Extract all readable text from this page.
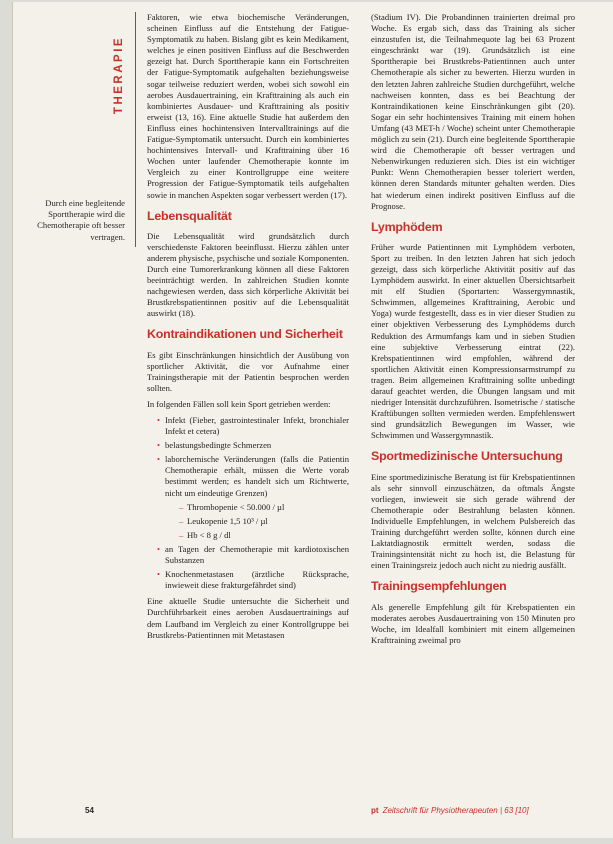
THERAPIE
Durch eine begleitende Sporttherapie wird die Chemotherapie oft besser vertragen.

Faktoren, wie etwa biochemische Veränderungen, scheinen Einfluss auf die Entstehung der Fatigue-Symptomatik zu haben. Bislang gibt es kein Medikament, welches je einen positiven Einfluss auf die Beschwerden gezeigt hat. Durch Sporttherapie kann ein Fortschreiten der Fatigue-Symptomatik aufgehalten beziehungsweise sogar teilweise reduziert werden, wobei sich sowohl ein aerobes Ausdauertraining, ein Krafttraining als auch ein kombiniertes Ausdauer- und Krafttraining als positiv erweist (13, 16). Eine aktuelle Studie hat außerdem den Einfluss eines hochintensiven Intervalltrainings auf die Fatigue-Symptomatik untersucht. Durch ein kombiniertes hochintensives Intervall- und Krafttraining über 16 Wochen unter laufender Chemotherapie konnte im Vergleich zu einer Kontrollgruppe eine weitere Progression der Fatigue-Symptomatik teils aufgehalten sowie in manchen Aspekten sogar verbessert werden (17).

Lebensqualität

Die Lebensqualität wird grundsätzlich durch verschiedenste Faktoren beeinflusst. Hierzu zählen unter anderem physische, psychische und soziale Komponenten. Durch eine Tumorerkrankung können all diese Faktoren beeinträchtigt werden. In zahlreichen Studien konnte nachgewiesen werden, dass sich körperliche Aktivität bei Brustkrebspatientinnen positiv auf die Lebensqualität auswirkt (18).

Kontraindikationen und Sicherheit

Es gibt Einschränkungen hinsichtlich der Ausübung von sportlicher Aktivität, die vor Aufnahme einer Trainingstherapie mit der Patientin besprochen werden sollten.

In folgenden Fällen soll kein Sport getrieben werden:

• Infekt (Fieber, gastrointestinaler Infekt, bronchialer Infekt et cetera)
• belastungsbedingte Schmerzen
• laborchemische Veränderungen (falls die Patientin Chemotherapie erhält, müssen die Werte vorab bestimmt werden; es handelt sich um Richtwerte, nicht um eindeutige Grenzen)
– Thrombopenie < 50.000 / µl
– Leukopenie 1,5 10³ / µl
– Hb < 8 g / dl
• an Tagen der Chemotherapie mit kardiotoxischen Substanzen
• Knochenmetastasen (ärztliche Rücksprache, inwieweit diese frakturgefährdet sind)

Eine aktuelle Studie untersuchte die Sicherheit und Durchführbarkeit eines aeroben Ausdauertrainings auf dem Laufband im Vergleich zu einer Kontrollgruppe bei Brustkrebs-Patientinnen mit Metastasen

(Stadium IV). Die Probandinnen trainierten dreimal pro Woche. Es ergab sich, dass das Training als sicher einzustufen ist, die Teilnahmequote lag bei 63 Prozent eingeschränkt war (19). Grundsätzlich ist eine Sporttherapie bei Brustkrebs-Patientinnen auch unter Chemotherapie als sicher zu bewerten. Hierzu wurden in den letzten Jahren zahlreiche Studien durchgeführt, welche nachweisen konnten, dass es bei Beachtung der Kontraindikationen keine Einschränkungen gibt (20). Sogar ein sehr hochintensives Training mit einem hohen Umfang (43 MET-h / Woche) scheint unter Chemotherapie möglich zu sein (21). Durch eine begleitende Sporttherapie wird die Chemotherapie oft besser vertragen und Nebenwirkungen reduzieren sich. Dies ist ein wichtiger Punkt: Wenn Chemotherapien besser toleriert werden, können deren Standards mitunter gehalten werden. Dies hat wiederum einen indirekt positiven Einfluss auf die Prognose.

Lymphödem

Früher wurde Patientinnen mit Lymphödem verboten, Sport zu treiben. In den letzten Jahren hat sich jedoch gezeigt, dass sich körperliche Aktivität positiv auf das Lymphödem auswirkt. In einer aktuellen Übersichtsarbeit mit elf Studien (Sportarten: Wassergymnastik, Schwimmen, allgemeines Krafttraining, Aerobic und Yoga) wurde festgestellt, dass es in vier dieser Studien zu einer objektiven Verbesserung des Lymphödems durch Reduktion des Armumfangs kam und in sieben Studien eine subjektive Verbesserung eintrat (22). Krebspatientinnen wird empfohlen, während der sportlichen Aktivität einen Kompressionsarmstrumpf zu tragen. Beim allgemeinen Krafttraining sollte unbedingt darauf geachtet werden, die Übungen langsam und mit niedriger Intensität durchzuführen. Isometrische / statische Kraftübungen sollten vermieden werden. Empfehlenswert sind grundsätzlich Bewegungen im Wasser, wie Schwimmen und Wassergymnastik.

Sportmedizinische Untersuchung

Eine sportmedizinische Beratung ist für Krebspatientinnen als sehr sinnvoll einzuschätzen, da oftmals Ängste vorliegen, inwieweit sie sich gerade während der Chemotherapie oder Bestrahlung belasten können. Individuelle Empfehlungen, in welchem Pulsbereich das Training durchgeführt werden sollte, können durch eine Laktatdiagnostik ermittelt werden, sodass die Trainingsintensität nicht zu hoch ist, die Belastung für einen Trainingsreiz jedoch auch nicht zu niedrig ausfällt.

Trainingsempfehlungen

Als generelle Empfehlung gilt für Krebspatienten ein moderates aerobes Ausdauertraining von 150 Minuten pro Woche, im Idealfall kombiniert mit einem allgemeinen Krafttraining zweimal pro

54	pt Zeitschrift für Physiotherapeuten | 63 [10]
